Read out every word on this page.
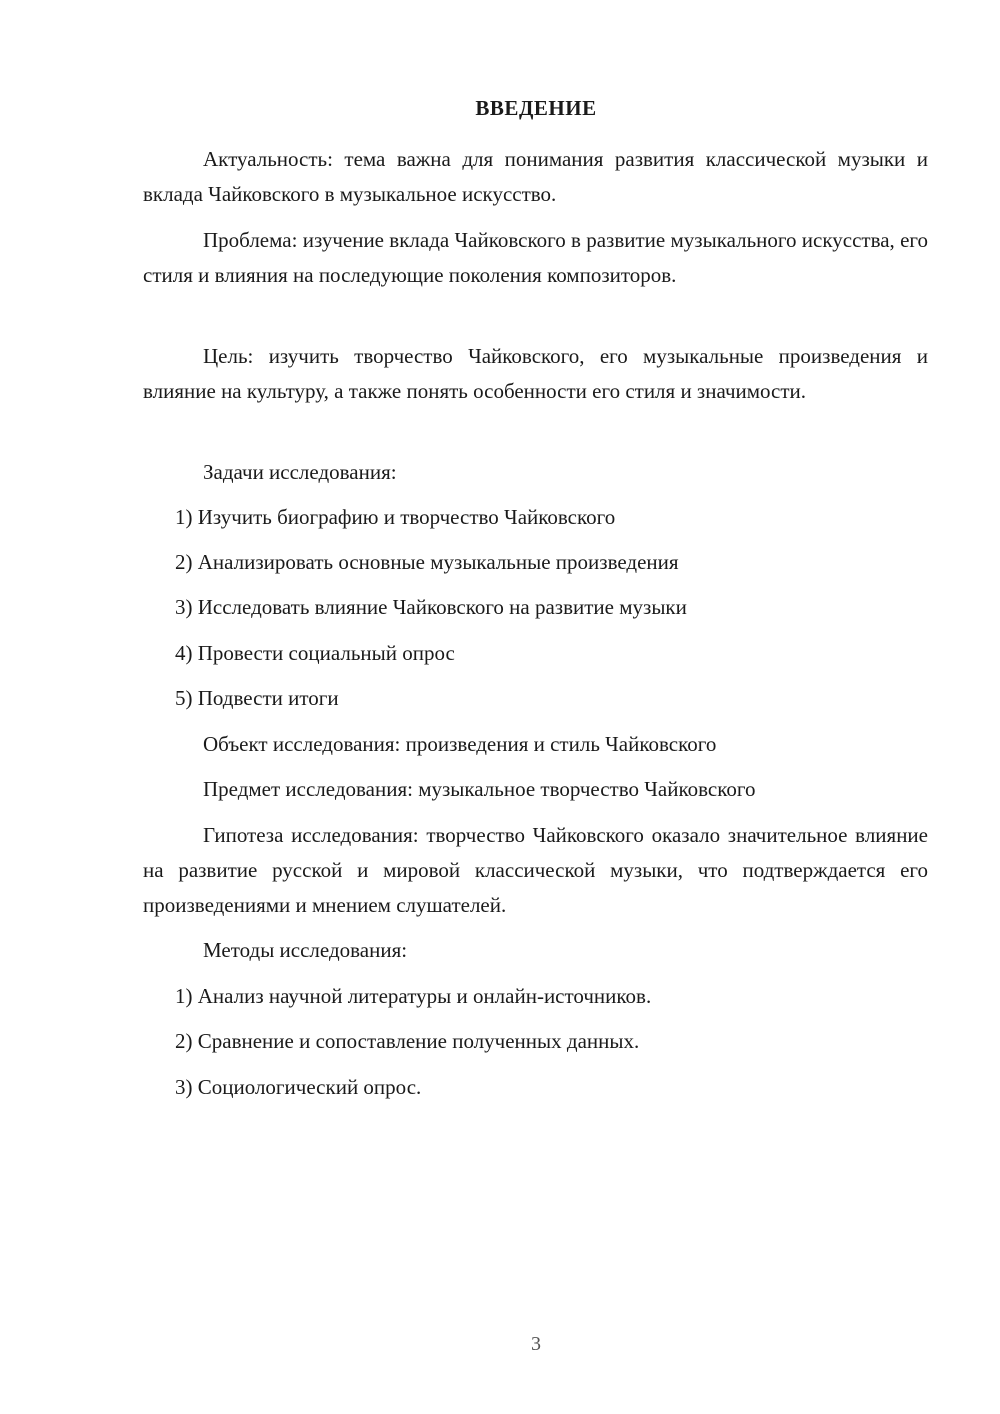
ВВЕДЕНИЕ

Актуальность: тема важна для понимания развития классической музыки и вклада Чайковского в музыкальное искусство.

Проблема: изучение вклада Чайковского в развитие музыкального искусства, его стиля и влияния на последующие поколения композиторов.

Цель: изучить творчество Чайковского, его музыкальные произведения и влияние на культуру, а также понять особенности его стиля и значимости.

Задачи исследования:

1) Изучить биографию и творчество Чайковского

2) Анализировать основные музыкальные произведения

3) Исследовать влияние Чайковского на развитие музыки

4) Провести социальный опрос

5) Подвести итоги

Объект исследования: произведения и стиль Чайковского

Предмет исследования: музыкальное творчество Чайковского

Гипотеза исследования: творчество Чайковского оказало значительное влияние на развитие русской и мировой классической музыки, что подтверждается его произведениями и мнением слушателей.

Методы исследования:

1) Анализ научной литературы и онлайн-источников.

2) Сравнение и сопоставление полученных данных.

3) Социологический опрос.

3
